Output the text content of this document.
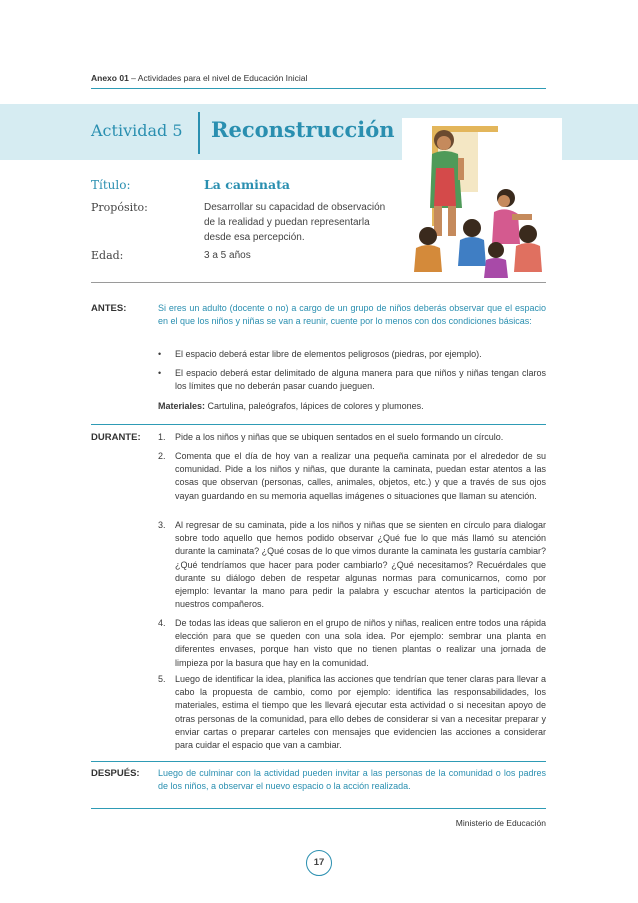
Anexo 01 – Actividades para el nivel de Educación Inicial
Actividad 5 Reconstrucción
Título:	La caminata
Propósito:	Desarrollar su capacidad de observación de la realidad y puedan representarla desde esa percepción.
Edad:	3 a 5 años
ANTES:	Si eres un adulto (docente o no) a cargo de un grupo de niños deberás observar que el espacio en el que los niños y niñas se van a reunir, cuente por lo menos con dos condiciones básicas:
•	El espacio deberá estar libre de elementos peligrosos (piedras, por ejemplo).
•	El espacio deberá estar delimitado de alguna manera para que niños y niñas tengan claros los límites que no deberán pasar cuando jueguen.
Materiales: Cartulina, paleógrafos, lápices de colores y plumones.
DURANTE: 1.	Pide a los niños y niñas que se ubiquen sentados en el suelo formando un círculo.
2.	Comenta que el día de hoy van a realizar una pequeña caminata por el alrededor de su comunidad. Pide a los niños y niñas, que durante la caminata, puedan estar atentos a las cosas que observan (personas, calles, animales, objetos, etc.) y que a través de sus ojos vayan guardando en su memoria aquellas imágenes o situaciones que llaman su atención.
3.	Al regresar de su caminata, pide a los niños y niñas que se sienten en círculo para dialogar sobre todo aquello que hemos podido observar ¿Qué fue lo que más llamó su atención durante la caminata? ¿Qué cosas de lo que vimos durante la caminata les gustaría cambiar? ¿Qué tendríamos que hacer para poder cambiarlo? ¿Qué necesitamos? Recuérdales que durante su diálogo deben de respetar algunas normas para comunicarnos, como por ejemplo: levantar la mano para pedir la palabra y escuchar atentos la participación de nuestros compañeros.
4.	De todas las ideas que salieron en el grupo de niños y niñas, realicen entre todos una rápida elección para que se queden con una sola idea. Por ejemplo: sembrar una planta en diferentes envases, porque han visto que no tienen plantas o realizar una jornada de limpieza por la basura que hay en la comunidad.
5.	Luego de identificar la idea, planifica las acciones que tendrían que tener claras para llevar a cabo la propuesta de cambio, como por ejemplo: identifica las responsabilidades, los materiales, estima el tiempo que les llevará ejecutar esta actividad o si necesitan apoyo de otras personas de la comunidad, para ello debes de considerar si van a necesitar preparar y enviar cartas o preparar carteles con mensajes que evidencien las acciones a considerar para cuidar el espacio que van a cambiar.
DESPUÉS: Luego de culminar con la actividad pueden invitar a las personas de la comunidad o los padres de los niños, a observar el nuevo espacio o la acción realizada.
Ministerio de Educación
17
